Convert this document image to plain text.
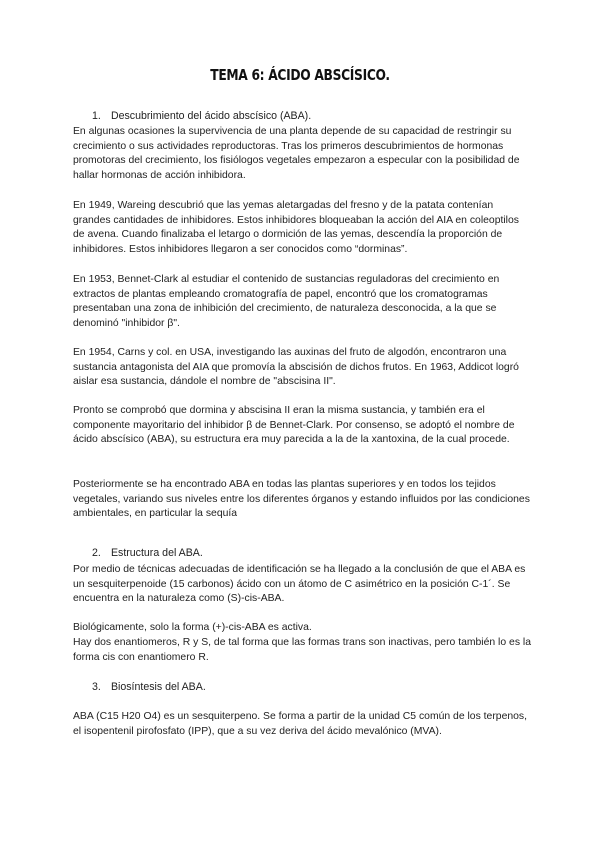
TEMA 6: ÁCIDO ABSCÍSICO.
1. Descubrimiento del ácido abscísico (ABA).

En algunas ocasiones la supervivencia de una planta depende de su capacidad de restringir su crecimiento o sus actividades reproductoras. Tras los primeros descubrimientos de hormonas promotoras del crecimiento, los fisiólogos vegetales empezaron a especular con la posibilidad de hallar hormonas de acción inhibidora.

En 1949, Wareing descubrió que las yemas aletargadas del fresno y de la patata contenían grandes cantidades de inhibidores. Estos inhibidores bloqueaban la acción del AIA en coleoptilos de avena. Cuando finalizaba el letargo o dormición de las yemas, descendía la proporción de inhibidores. Estos inhibidores llegaron a ser conocidos como “dorminas”.

En 1953, Bennet-Clark al estudiar el contenido de sustancias reguladoras del crecimiento en extractos de plantas empleando cromatografía de papel, encontró que los cromatogramas presentaban una zona de inhibición del crecimiento, de naturaleza desconocida, a la que se denominó "inhibidor β".

En 1954, Carns y col. en USA, investigando las auxinas del fruto de algodón, encontraron una sustancia antagonista del AIA que promovía la abscisión de dichos frutos. En 1963, Addicot logró aislar esa sustancia, dándole el nombre de "abscisina II".

Pronto se comprobó que dormina y abscisina II eran la misma sustancia, y también era el componente mayoritario del inhibidor β de Bennet-Clark. Por consenso, se adoptó el nombre de ácido abscísico (ABA), su estructura era muy parecida a la de la xantoxina, de la cual procede.

Posteriormente se ha encontrado ABA en todas las plantas superiores y en todos los tejidos vegetales, variando sus niveles entre los diferentes órganos y estando influidos por las condiciones ambientales, en particular la sequía

2. Estructura del ABA.

Por medio de técnicas adecuadas de identificación se ha llegado a la conclusión de que el ABA es un sesquiterpenoide (15 carbonos) ácido con un átomo de C asimétrico en la posición C-1´. Se encuentra en la naturaleza como (S)-cis-ABA.

Biológicamente, solo la forma (+)-cis-ABA es activa.

Hay dos enantiomeros, R y S, de tal forma que las formas trans son inactivas, pero también lo es la forma cis con enantiomero R.

3. Biosíntesis del ABA.

ABA (C15 H20 O4) es un sesquiterpeno. Se forma a partir de la unidad C5 común de los terpenos, el isopentenil pirofosfato (IPP), que a su vez deriva del ácido mevalónico (MVA).
